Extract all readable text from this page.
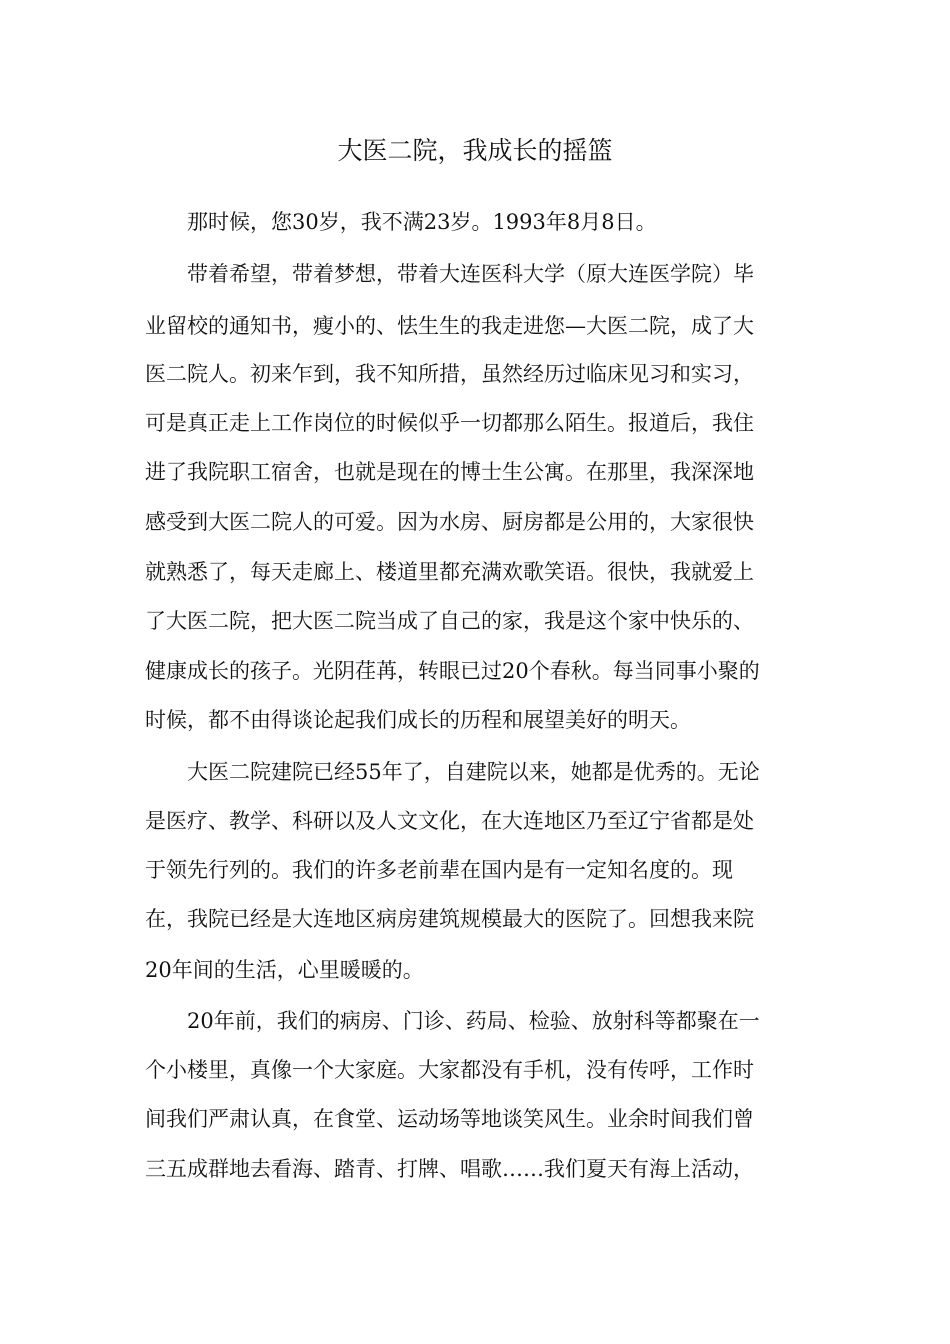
大医二院，我成长的摇篮

那时候，您30岁，我不满23岁。1993年8月8日。

带着希望，带着梦想，带着大连医科大学（原大连医学院）毕

业留校的通知书，瘦小的、怯生生的我走进您—大医二院，成了大

医二院人。初来乍到，我不知所措，虽然经历过临床见习和实习，

可是真正走上工作岗位的时候似乎一切都那么陌生。报道后，我住

进了我院职工宿舍，也就是现在的博士生公寓。在那里，我深深地

感受到大医二院人的可爱。因为水房、厨房都是公用的，大家很快

就熟悉了，每天走廊上、楼道里都充满欢歌笑语。很快，我就爱上

了大医二院，把大医二院当成了自己的家，我是这个家中快乐的、

健康成长的孩子。光阴荏苒，转眼已过20个春秋。每当同事小聚的

时候，都不由得谈论起我们成长的历程和展望美好的明天。

大医二院建院已经55年了，自建院以来，她都是优秀的。无论

是医疗、教学、科研以及人文文化，在大连地区乃至辽宁省都是处

于领先行列的。我们的许多老前辈在国内是有一定知名度的。现

在，我院已经是大连地区病房建筑规模最大的医院了。回想我来院

20年间的生活，心里暖暖的。

20年前，我们的病房、门诊、药局、检验、放射科等都聚在一

个小楼里，真像一个大家庭。大家都没有手机，没有传呼，工作时

间我们严肃认真，在食堂、运动场等地谈笑风生。业余时间我们曾

三五成群地去看海、踏青、打牌、唱歌……我们夏天有海上活动，
